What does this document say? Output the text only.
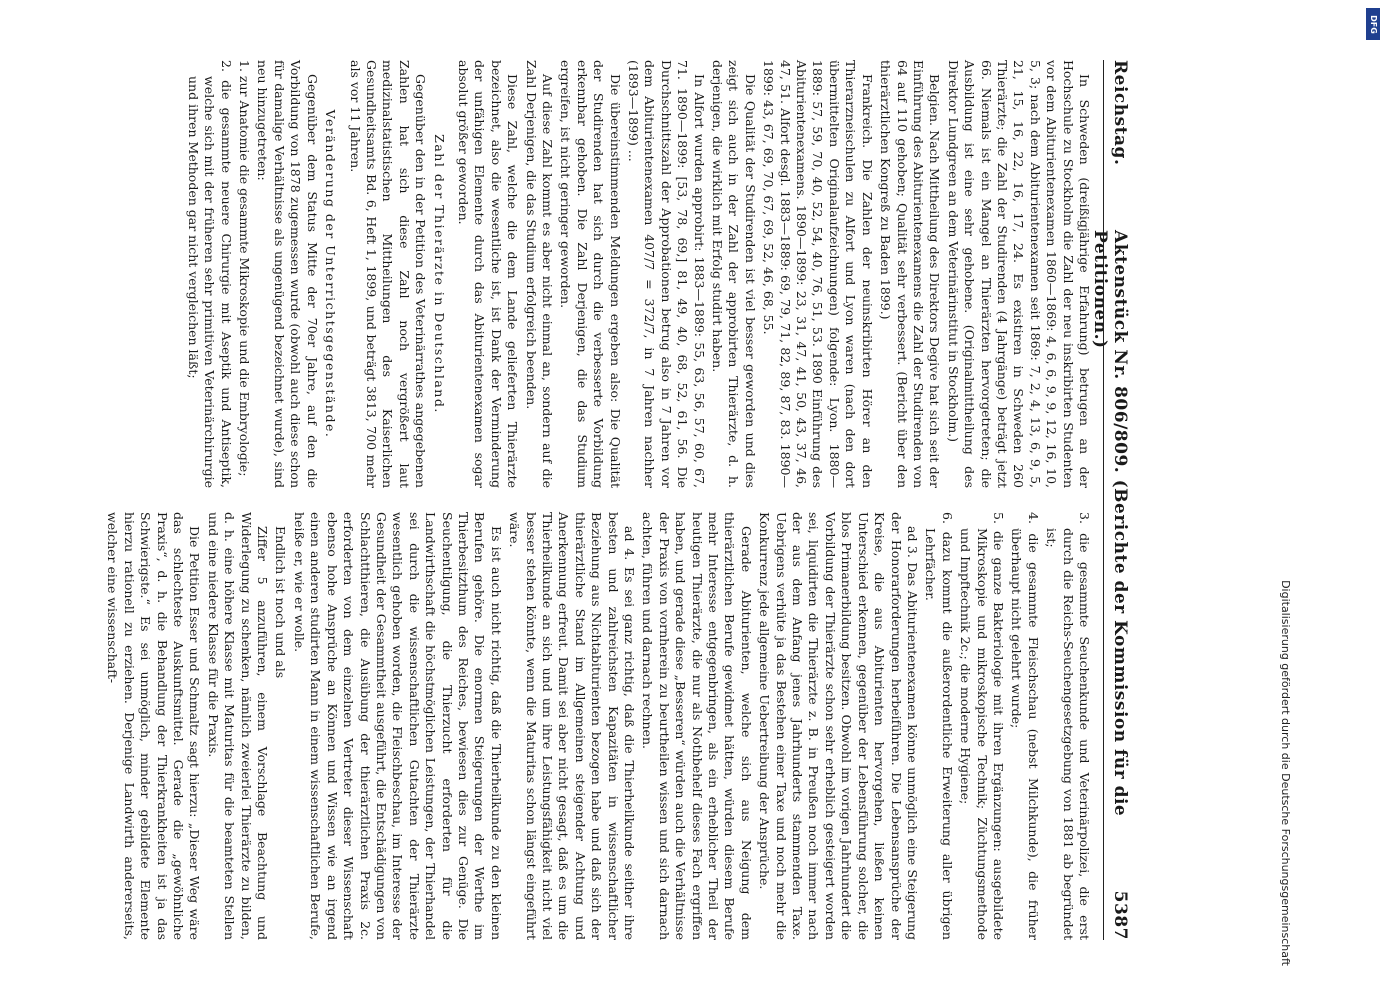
Reichstag.
Aktenstück Nr. 806/809. (Berichte der Kommission für die Petitionen.)
5387

In Schweden (dreißigjährige Erfahrung) betrugen an der Hochschule zu Stockholm die Zahl der neu inskribirten Studenten vor dem Abiturientenexamen 1860—1869: 4, 6, 6, 9, 9, 12, 16, 10, 5, 3; nach dem Abiturientenexamen seit 1869: 7, 2, 4, 13, 6, 9, 5, 21, 15, 16, 22, 16, 17, 24. Es existiren in Schweden 260 Thierärzte; die Zahl der Studirenden (4 Jahrgänge) beträgt jetzt 66. Niemals ist ein Mangel an Thierärzten hervorgetreten; die Ausbildung ist eine sehr gehobene. (Originalmittheilung des Direktor Lundgreen an dem Veterinärinstitut in Stockholm.)

Belgien. Nach Mittheilung des Direktors Degive hat sich seit der Einführung des Abiturientenexamens die Zahl der Studirenden von 64 auf 110 gehoben; Qualität sehr verbessert. (Bericht über den thierärztlichen Kongreß zu Baden 1899.)

Frankreich. Die Zahlen der neuinskribirten Hörer an den Thierarzneischulen zu Alfort und Lyon waren (nach den dort übermittelten Originalaufzeichnungen) folgende: Lyon. 1880—1889: 57, 59, 70, 40, 52, 54, 40, 76, 51, 53. 1890 Einführung des Abiturientenexamens. 1890—1899: 23, 31, 47, 41, 50, 43, 37, 46, 47, 51. Alfort desgl. 1883—1889: 69, 79, 71, 82, 89, 87, 83. 1890—1899: 43, 67, 69, 70, 67, 69, 52, 46, 68, 55.

Die Qualität der Studirenden ist viel besser geworden und dies zeigt sich auch in der Zahl der approbirten Thierärzte, d. h. derjenigen, die wirklich mit Erfolg studirt haben.

In Alfort wurden approbirt: 1883—1889: 55, 63, 56, 57, 60, 67, 71. 1890—1899: [53, 78, 69,] 81, 49, 40, 68, 52, 61, 56. Die Durchschnittszahl der Approbationen betrug also in 7 Jahren vor dem Abiturientenexamen 407/7 = 372/7, in 7 Jahren nachher (1893—1899) ...

Die übereinstimmenden Meldungen ergeben also: Die Qualität der Studirenden hat sich durch die verbesserte Vorbildung erkennbar gehoben. Die Zahl Derjenigen, die das Studium ergreifen, ist nicht geringer geworden.

Auf diese Zahl kommt es aber nicht einmal an, sondern auf die Zahl Derjenigen, die das Studium erfolgreich beenden.

Diese Zahl, welche die dem Lande gelieferten Thierärzte bezeichnet, also die wesentliche ist, ist Dank der Verminderung der unfähigen Elemente durch das Abiturientenexamen sogar absolut größer geworden.

Zahl der Thierärzte in Deutschland.

Gegenüber den in der Petition des Veterinärrathes angegebenen Zahlen hat sich diese Zahl noch vergrößert laut medizinalstatistischen Mittheilungen des Kaiserlichen Gesundheitsamts Bd. 6, Heft 1, 1899, und beträgt 3813, 700 mehr als vor 11 Jahren.

Veränderung der Unterrichtsgegenstände.

Gegenüber dem Status Mitte der 70er Jahre, auf den die Vorbildung von 1878 zugemessen wurde (obwohl auch diese schon für damalige Verhältnisse als ungenügend bezeichnet wurde), sind neu hinzugetreten:

1. zur Anatomie die gesammte Mikroskopie und die Embryologie;

2. die gesammte neuere Chirurgie mit Aseptik und Antiseptik, welche sich mit der früheren sehr primitiven Veterinärchirurgie und ihren Methoden gar nicht vergleichen läßt;

3. die gesammte Seuchenkunde und Veterinärpolizei, die erst durch die Reichs-Seuchengesetzgebung von 1881 ab begründet ist;

4. die gesammte Fleischschau (nebst Milchkunde), die früher überhaupt nicht gelehrt wurde;

5. die ganze Bakteriologie mit ihren Ergänzungen: ausgebildete Mikroskopie und mikroskopische Technik; Züchtungsmethode und Impftechnik 2c.; die moderne Hygiene;

6. dazu kommt die außerordentliche Erweiterung aller übrigen Lehrfächer.

ad 3. Das Abiturientenexamen könne unmöglich eine Steigerung der Honorarforderungen herbeiführen. Die Lebensansprüche der Kreise, die aus Abiturienten hervorgehen, ließen keinen Unterschied erkennen, gegenüber der Lebensführung solcher, die blos Primanerbildung besitzen. Obwohl im vorigen Jahrhundert die Vorbildung der Thierärzte schon sehr erheblich gesteigert worden sei, liquidirten die Thierärzte z. B. in Preußen noch immer nach der aus dem Anfang jenes Jahrhunderts stammenden Taxe. Uebrigens verhüte ja das Bestehen einer Taxe und noch mehr die Konkurrenz jede allgemeine Uebertreibung der Ansprüche.

Gerade Abiturienten, welche sich aus Neigung dem thierärztlichen Berufe gewidmet hätten, würden diesem Berufe mehr Interesse entgegenbringen, als ein erheblicher Theil der heutigen Thierärzte, die nur als Nothbehelf dieses Fach ergriffen haben, und gerade diese „Besseren“ würden auch die Verhältnisse der Praxis von vornherein zu beurtheilen wissen und sich darnach achten, führen und darnach rechnen.

ad 4. Es sei ganz richtig, daß die Thierheilkunde seither ihre besten und zahlreichsten Kapazitäten in wissenschaftlicher Beziehung aus Nichtabiturienten bezogen habe und daß sich der thierärztliche Stand im Allgemeinen steigender Achtung und Anerkennung erfreut. Damit sei aber nicht gesagt, daß es um die Thierheilkunde an sich und um ihre Leistungsfähigkeit nicht viel besser stehen könnte, wenn die Maturitas schon längst eingeführt wäre.

Es ist auch nicht richtig, daß die Thierheilkunde zu den kleinen Berufen gehöre. Die enormen Steigerungen der Werthe im Thierbesitzthum des Reiches, bewiesen dies zur Genüge. Die Seuchentilgung, die Thierzucht erforderten für die Landwirthschaft die höchstmöglichen Leistungen, der Thierhandel sei durch die wissenschaftlichen Gutachten der Thierärzte wesentlich gehoben worden, die Fleischbeschau, im Interesse der Gesundheit der Gesammtheit ausgeführt, die Entschädigungen von Schlachtthieren, die Ausübung der thierärztlichen Praxis 2c. erforderten von dem einzelnen Vertreter dieser Wissenschaft ebenso hohe Ansprüche an Können und Wissen wie an irgend einen anderen studirten Mann in einem wissenschaftlichen Berufe, heiße er, wie er wolle.

Endlich ist noch und als

Ziffer 5 anzuführen, einem Vorschlage Beachtung und Widerlegung zu schenken, nämlich zweierlei Thierärzte zu bilden, d. h. eine höhere Klasse mit Maturitas für die beamteten Stellen und eine niedere Klasse für die Praxis.

Die Petition Esser und Schmaltz sagt hierzu: „Dieser Weg wäre das schlechteste Auskunftsmittel. Gerade die „gewöhnliche Praxis“, d. h. die Behandlung der Thierkrankheiten ist ja das Schwierigste.“ Es sei unmöglich, minder gebildete Elemente hierzu rationell zu erziehen. Derjenige Landwirth andererseits, welcher eine wissenschaft-

DFG
Digitalisierung gefördert durch die Deutsche Forschungsgemeinschaft
